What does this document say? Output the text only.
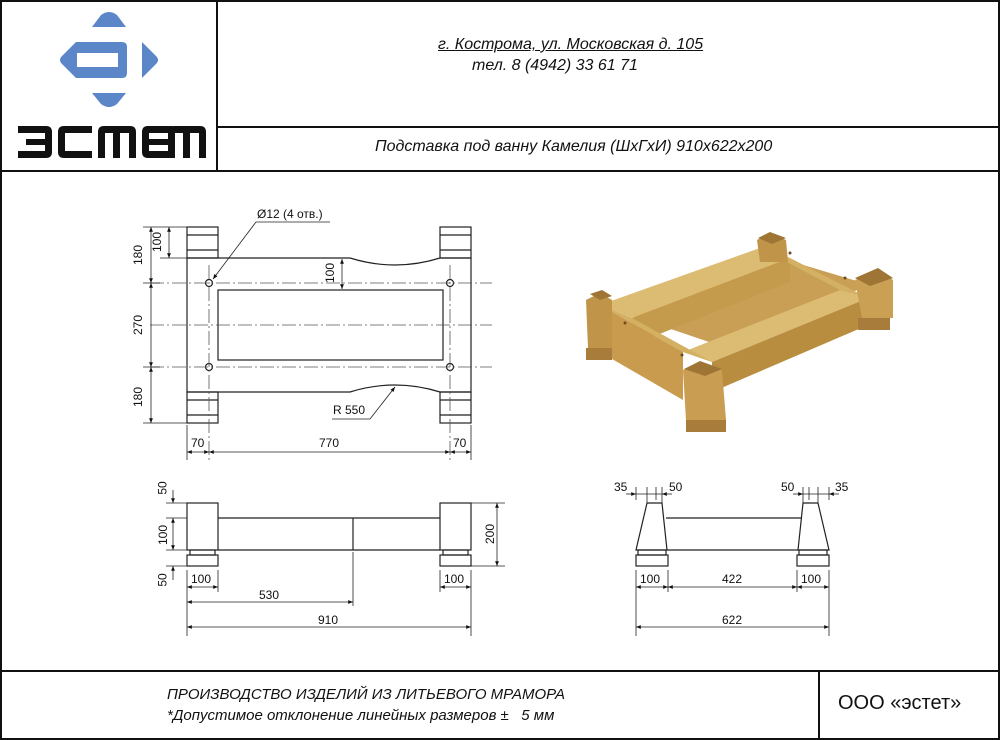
г. Кострома, ул. Московская д. 105
тел. 8 (4942) 33 61 71
Подставка под ванну Камелия (ШхГхИ) 910х622х200
Ø12 (4 отв.)
R 550
180
100
270
180
100
70	770	70
50
100
50
200
100	100
530
910
35	50	50	35
100	422	100
622
ПРОИЗВОДСТВО ИЗДЕЛИЙ ИЗ ЛИТЬЕВОГО МРАМОРА
*Допустимое отклонение линейных размеров ±   5 мм
ООО «эстет»
